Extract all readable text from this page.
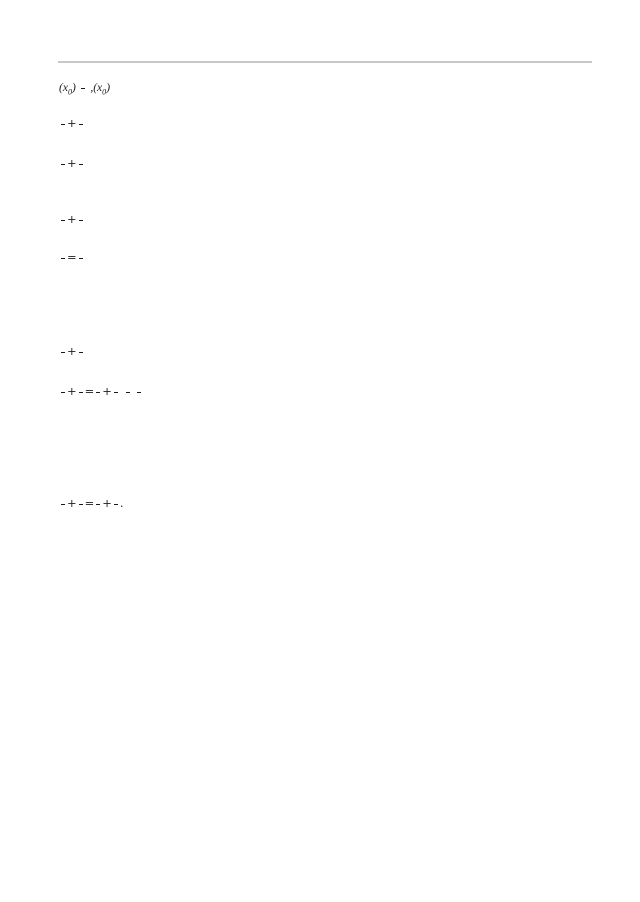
$(x_0)$
$,(x_0)$
+
+
+
=
+
+ = +

+ = + .
